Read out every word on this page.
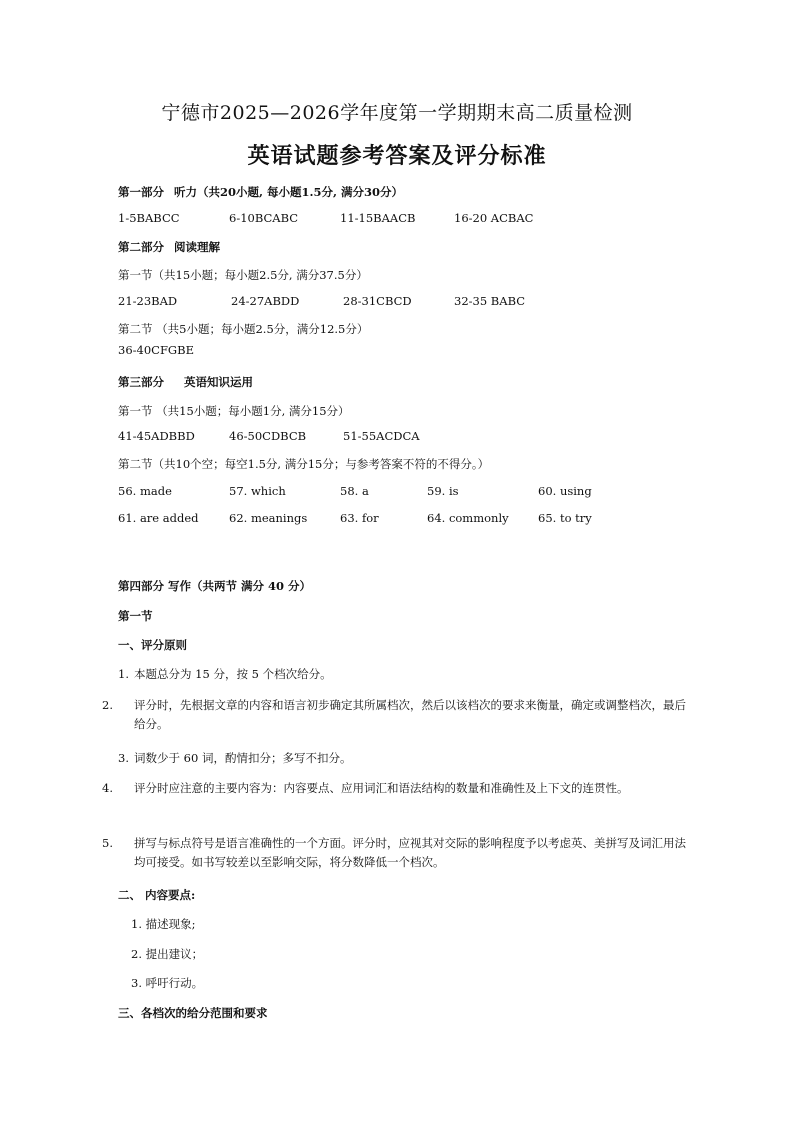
宁德市2025—2026学年度第一学期期末高二质量检测
英语试题参考答案及评分标准
第一部分 听力（共20小题, 每小题1.5分, 满分30分）
1-5BABCC	6-10BCABC	11-15BAACB	16-20 ACBAC
第二部分 阅读理解
第一节（共15小题；每小题2.5分, 满分37.5分）
21-23BAD	24-27ABDD	28-31CBCD	32-35 BABC
第二节 （共5小题；每小题2.5分，满分12.5分）
36-40CFGBE
第三部分 英语知识运用
第一节 （共15小题；每小题1分, 满分15分）
41-45ADBBD	46-50CDBCB	51-55ACDCA
第二节（共10个空；每空1.5分, 满分15分；与参考答案不符的不得分。）
56. made	57. which	58. a	59. is	60. using
61. are added	62. meanings	63. for	64. commonly	65. to try
第四部分 写作（共两节 满分 40 分）
第一节
一、评分原则
1. 本题总分为 15 分，按 5 个档次给分。
2. 评分时，先根据文章的内容和语言初步确定其所属档次，然后以该档次的要求来衡量，确定或调整档次，最后给分。
3. 词数少于 60 词，酌情扣分；多写不扣分。
4. 评分时应注意的主要内容为：内容要点、应用词汇和语法结构的数量和准确性及上下文的连贯性。
5. 拼写与标点符号是语言准确性的一个方面。评分时，应视其对交际的影响程度予以考虑英、美拼写及词汇用法均可接受。如书写较差以至影响交际，将分数降低一个档次。
二、 内容要点:
1. 描述现象;
2. 提出建议；
3. 呼吁行动。
三、各档次的给分范围和要求
